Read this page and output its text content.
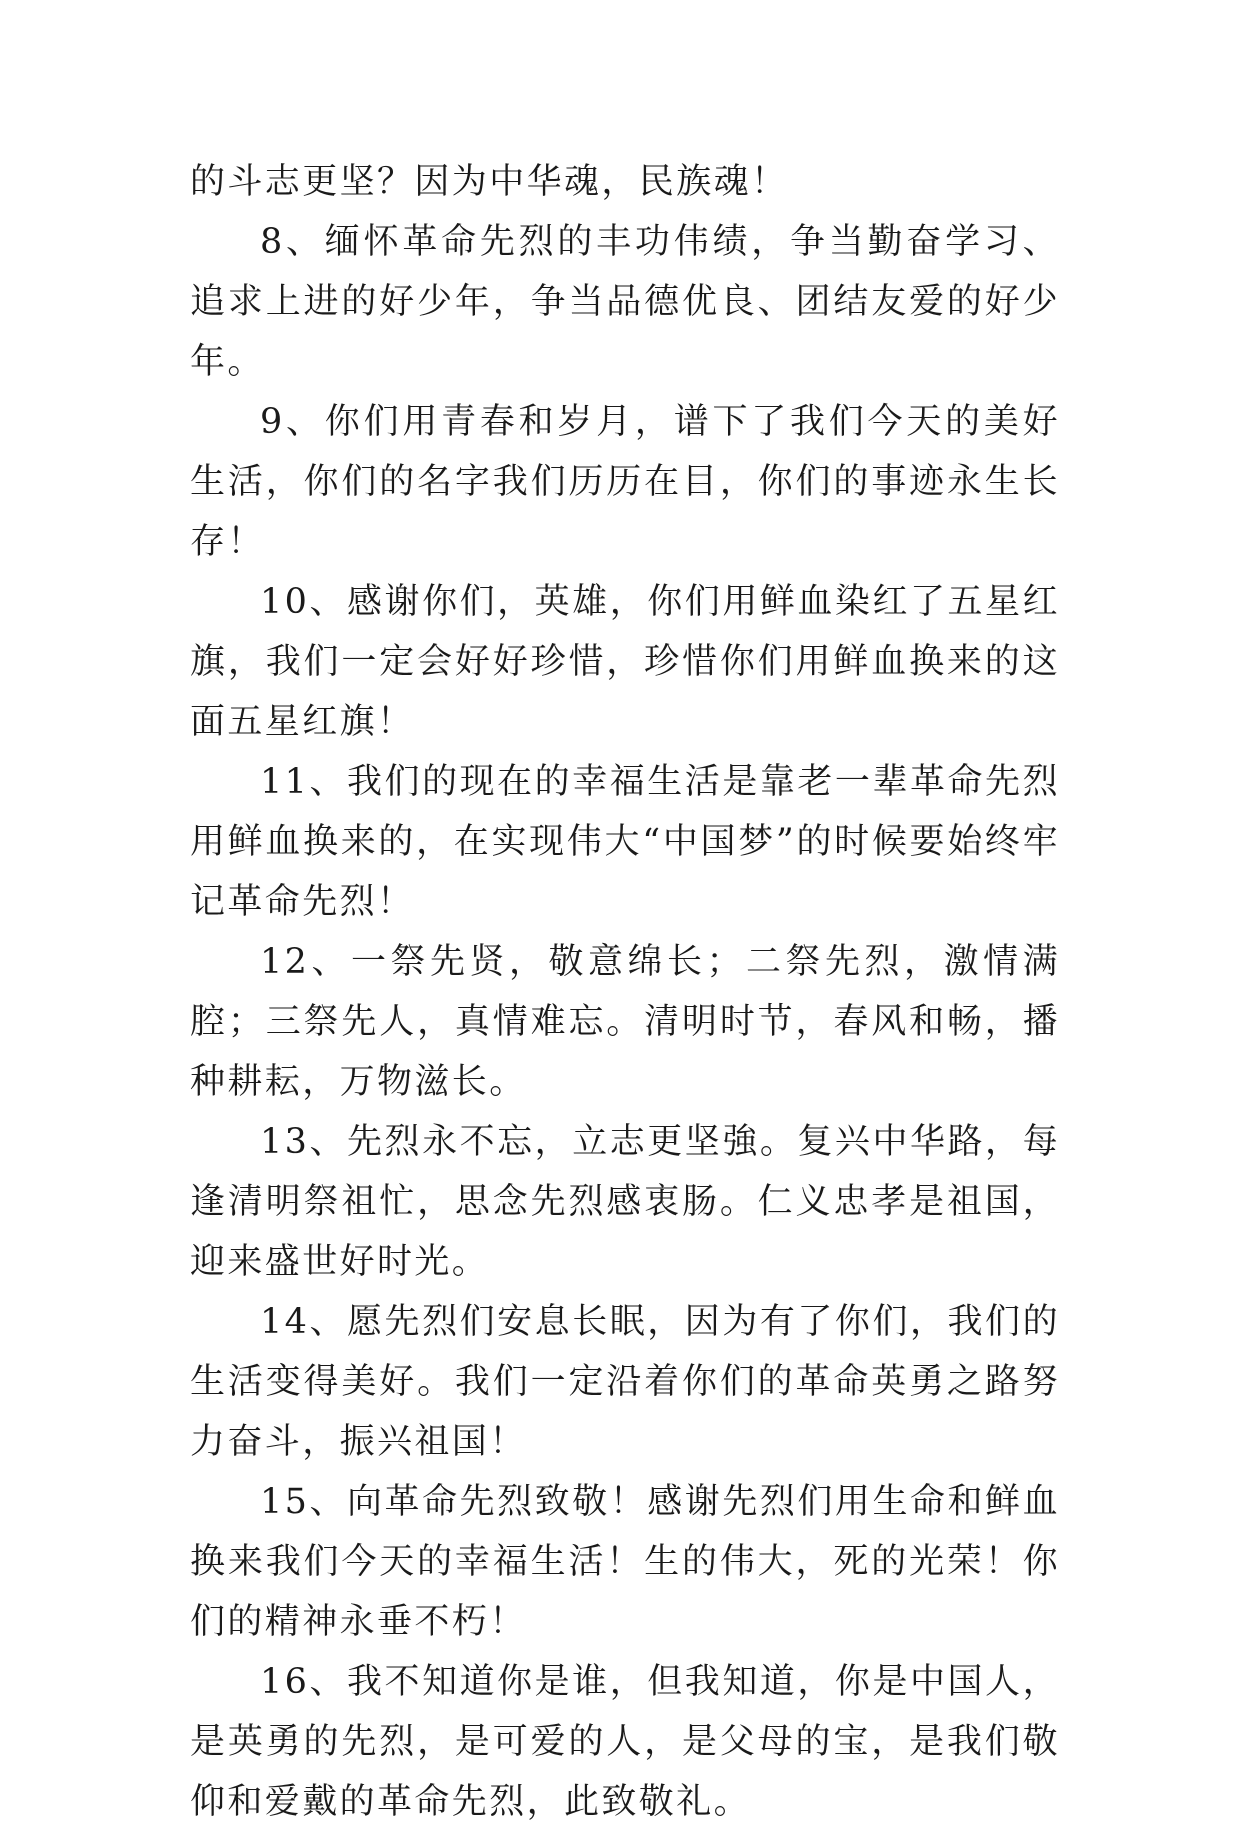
的斗志更坚？因为中华魂，民族魂！

8、缅怀革命先烈的丰功伟绩，争当勤奋学习、追求上进的好少年，争当品德优良、团结友爱的好少年。

9、你们用青春和岁月，谱下了我们今天的美好生活，你们的名字我们历历在目，你们的事迹永生长存！

10、感谢你们，英雄，你们用鲜血染红了五星红旗，我们一定会好好珍惜，珍惜你们用鲜血换来的这面五星红旗！

11、我们的现在的幸福生活是靠老一辈革命先烈用鲜血换来的，在实现伟大“中国梦”的时候要始终牢记革命先烈！

12、一祭先贤，敬意绵长；二祭先烈，激情满腔；三祭先人，真情难忘。清明时节，春风和畅，播种耕耘，万物滋长。

13、先烈永不忘，立志更坚強。复兴中华路，每逢清明祭祖忙，思念先烈感衷肠。仁义忠孝是祖国，迎来盛世好时光。

14、愿先烈们安息长眠，因为有了你们，我们的生活变得美好。我们一定沿着你们的革命英勇之路努力奋斗，振兴祖国！

15、向革命先烈致敬！感谢先烈们用生命和鲜血换来我们今天的幸福生活！生的伟大，死的光荣！你们的精神永垂不朽！

16、我不知道你是谁，但我知道，你是中国人，是英勇的先烈，是可爱的人，是父母的宝，是我们敬仰和爱戴的革命先烈，此致敬礼。
